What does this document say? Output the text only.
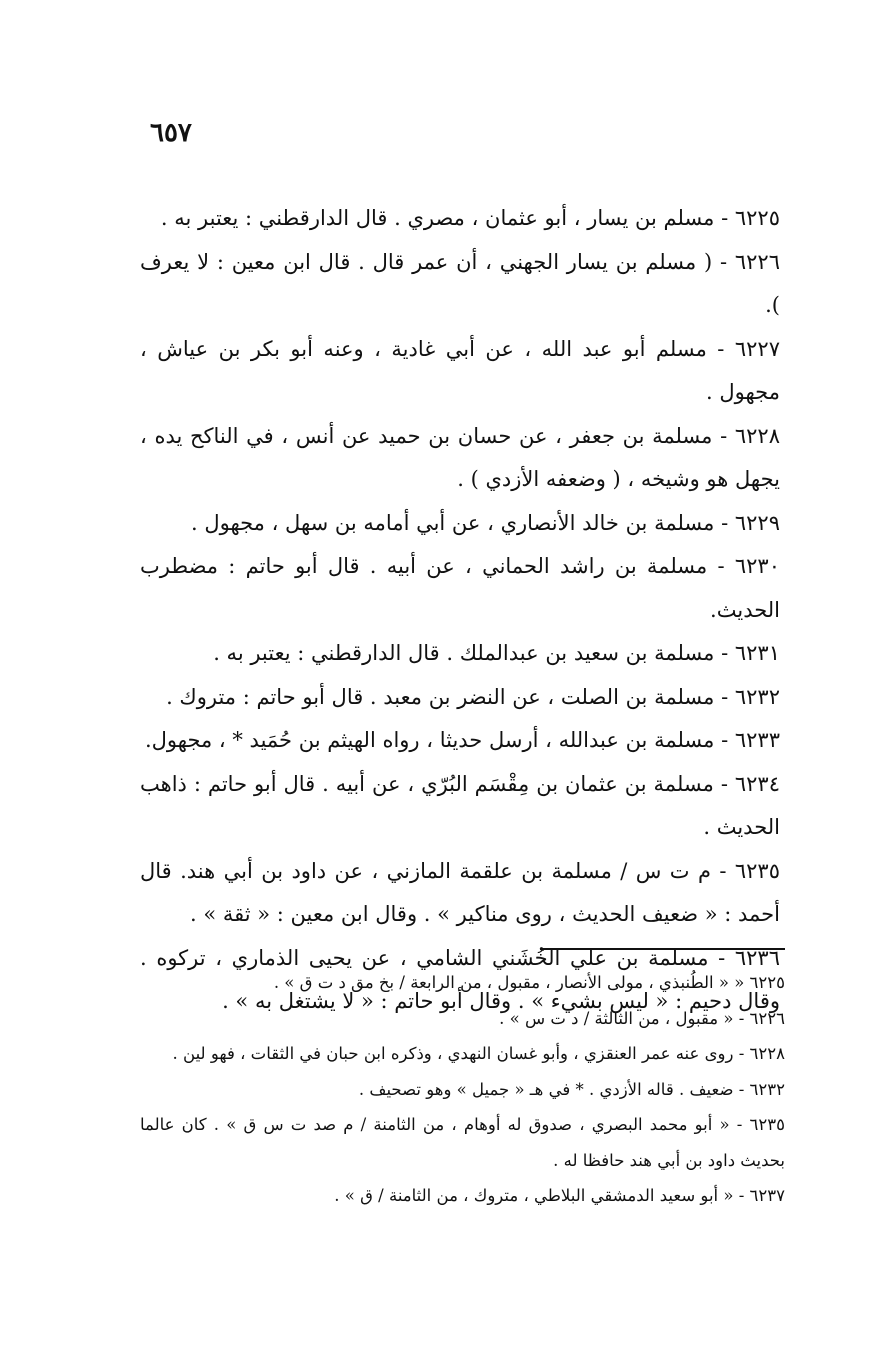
٦٥٧

٦٢٢٥ - مسلم بن يسار ، أبو عثمان ، مصري . قال الدارقطني : يعتبر به .

٦٢٢٦ - ( مسلم بن يسار الجهني ، أن عمر قال . قال ابن معين : لا يعرف ).

٦٢٢٧ - مسلم أبو عبد الله ، عن أبي غادية ، وعنه أبو بكر بن عياش ، مجهول .

٦٢٢٨ - مسلمة بن جعفر ، عن حسان بن حميد عن أنس ، في الناكح يده ، يجهل هو وشيخه ، ( وضعفه الأزدي ) .

٦٢٢٩ - مسلمة بن خالد الأنصاري ، عن أبي أمامه بن سهل ، مجهول .

٦٢٣٠ - مسلمة بن راشد الحماني ، عن أبيه . قال أبو حاتم : مضطرب الحديث.

٦٢٣١ - مسلمة بن سعيد بن عبدالملك . قال الدارقطني : يعتبر به .

٦٢٣٢ - مسلمة بن الصلت ، عن النضر بن معبد . قال أبو حاتم : متروك .

٦٢٣٣ - مسلمة بن عبدالله ، أرسل حديثا ، رواه الهيثم بن حُمَيد * ، مجهول.

٦٢٣٤ - مسلمة بن عثمان بن مِقْسَم البُرّي ، عن أبيه . قال أبو حاتم : ذاهب الحديث .

٦٢٣٥ - م ت س / مسلمة بن علقمة المازني ، عن داود بن أبي هند. قال أحمد : « ضعيف الحديث ، روى مناكير » . وقال ابن معين : « ثقة » .

٦٢٣٦ - مسلمة بن علي الخُشَني الشامي ، عن يحيى الذماري ، تركوه . وقال دحيم : « ليس بشيء » . وقال أبو حاتم : « لا يشتغل به » .

٦٢٢٥ « « الطُنبذي ، مولى الأنصار ، مقبول ، من الرابعة / بخ مق د ت ق » .

٦٢٢٦ - « مقبول ، من الثالثة / د ت س » .

٦٢٢٨ - روى عنه عمر العنقزي ، وأبو غسان النهدي ، وذكره ابن حبان في الثقات ، فهو لين .

٦٢٣٢ - ضعيف . قاله الأزدي . * في هـ « جميل » وهو تصحيف .

٦٢٣٥ - « أبو محمد البصري ، صدوق له أوهام ، من الثامنة / م صد ت س ق » . كان عالما بحديث داود بن أبي هند حافظا له .

٦٢٣٧ - « أبو سعيد الدمشقي البلاطي ، متروك ، من الثامنة / ق » .
